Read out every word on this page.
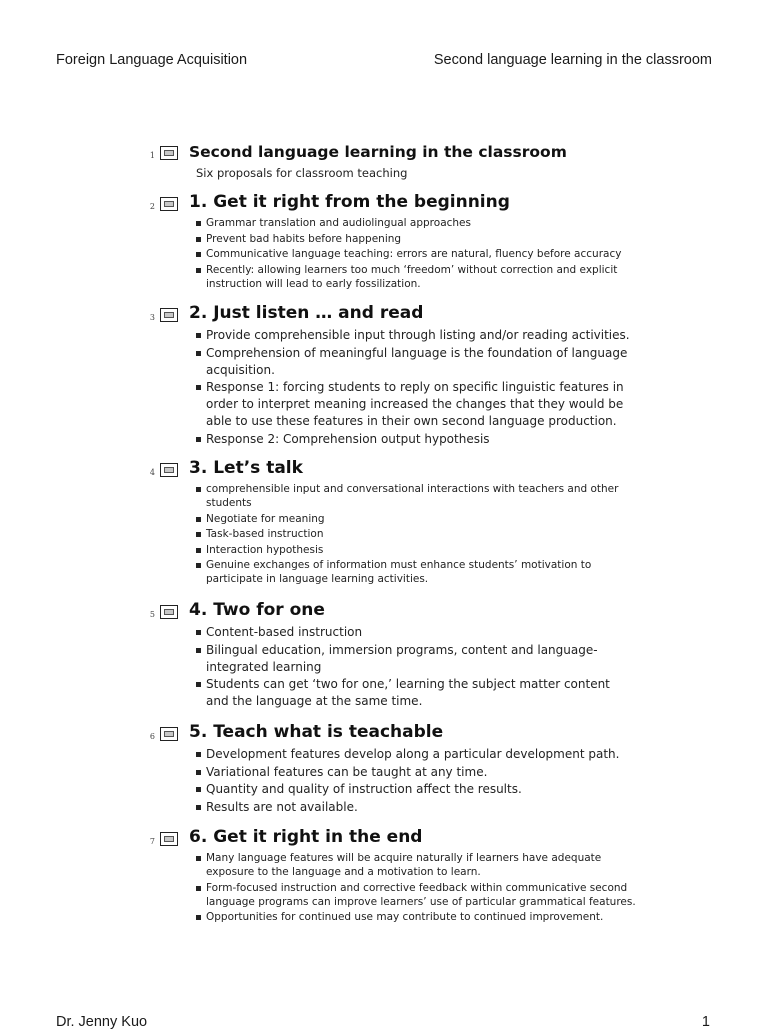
Foreign Language Acquisition	Second language learning in the classroom
1 Second language learning in the classroom
Six proposals for classroom teaching
2 1. Get it right from the beginning
Grammar translation and audiolingual approaches
Prevent bad habits before happening
Communicative language teaching: errors are natural, fluency before accuracy
Recently: allowing learners too much ‘freedom’ without correction and explicit instruction will lead to early fossilization.
3 2. Just listen … and read
Provide comprehensible input through listing and/or reading activities.
Comprehension of meaningful language is the foundation of language acquisition.
Response 1: forcing students to reply on specific linguistic features in order to interpret meaning increased the changes that they would be able to use these features in their own second language production.
Response 2: Comprehension output hypothesis
4 3. Let’s talk
comprehensible input and conversational interactions with teachers and other students
Negotiate for meaning
Task-based instruction
Interaction hypothesis
Genuine exchanges of information must enhance students’ motivation to participate in language learning activities.
5 4. Two for one
Content-based instruction
Bilingual education, immersion programs, content and language-integrated learning
Students can get ‘two for one,’ learning the subject matter content and the language at the same time.
6 5. Teach what is teachable
Development features develop along a particular development path.
Variational features can be taught at any time.
Quantity and quality of instruction affect the results.
Results are not available.
7 6. Get it right in the end
Many language features will be acquire naturally if learners have adequate exposure to the language and a motivation to learn.
Form-focused instruction and corrective feedback within communicative second language programs can improve learners’ use of particular grammatical features.
Opportunities for continued use may contribute to continued improvement.
Dr. Jenny Kuo	1
